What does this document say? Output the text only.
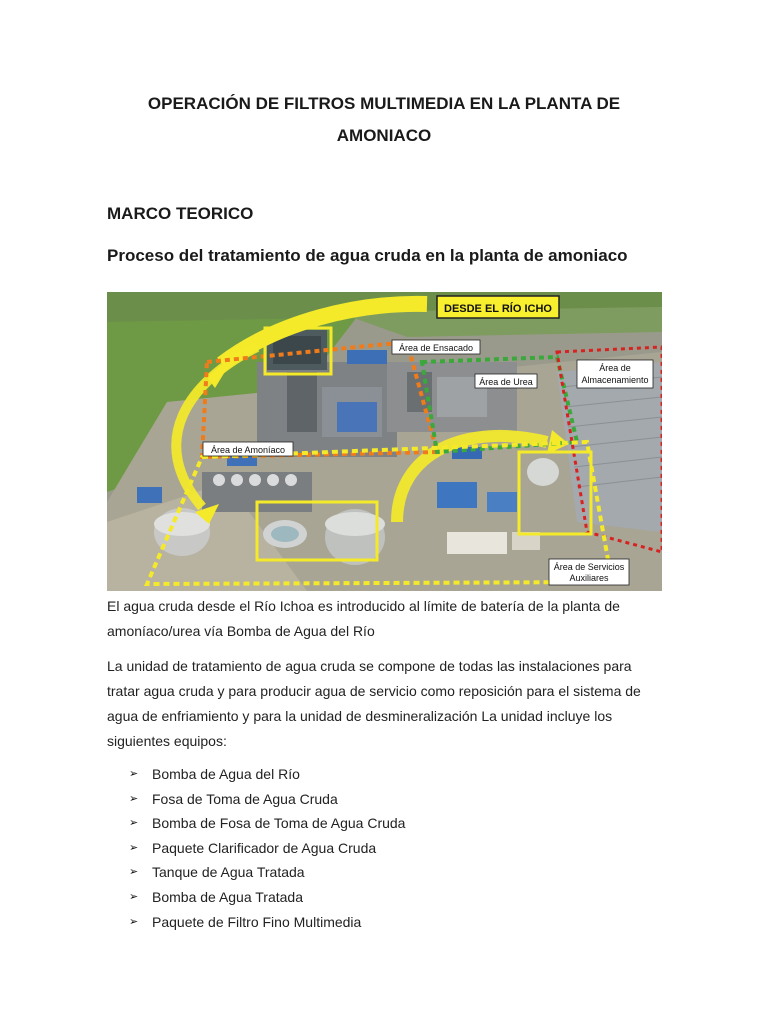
OPERACIÓN DE FILTROS MULTIMEDIA EN LA PLANTA DE AMONIACO
MARCO TEORICO
Proceso del tratamiento de agua cruda en la planta de amoniaco
DESDE EL RÍO ICHO
Área de Ensacado
Área de Urea
Área de
Almacenamiento
Área de Amoníaco
Área de Servicios
Auxiliares

El agua cruda desde el Río Ichoa es introducido al límite de batería de la planta de amoníaco/urea vía Bomba de Agua del Río

La unidad de tratamiento de agua cruda se compone de todas las instalaciones para tratar agua cruda y para producir agua de servicio como reposición para el sistema de agua de enfriamiento y para la unidad de desmineralización La unidad incluye los siguientes equipos:

➢ Bomba de Agua del Río
➢ Fosa de Toma de Agua Cruda
➢ Bomba de Fosa de Toma de Agua Cruda
➢ Paquete Clarificador de Agua Cruda
➢ Tanque de Agua Tratada
➢ Bomba de Agua Tratada
➢ Paquete de Filtro Fino Multimedia
